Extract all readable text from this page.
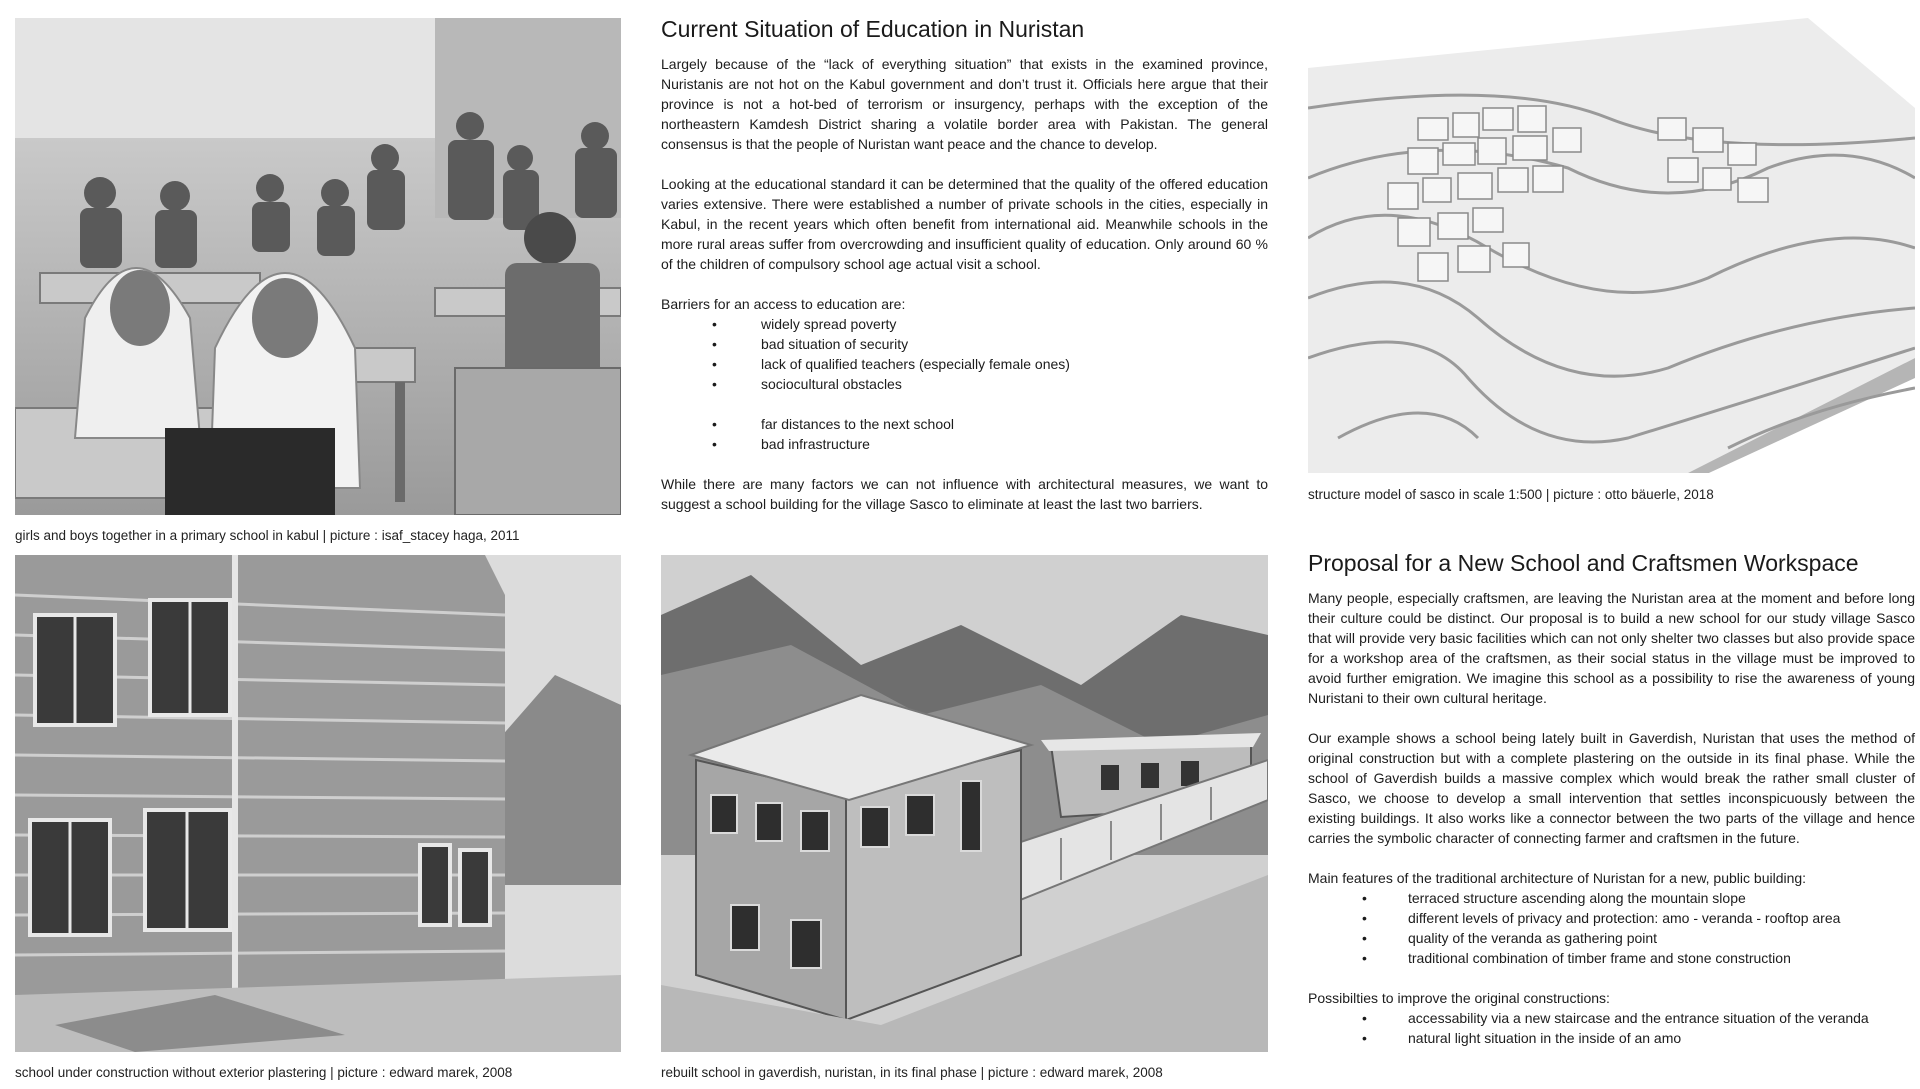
girls and boys together in a primary school in kabul | picture : isaf_stacey haga, 2011
school under construction without exterior plastering | picture : edward marek, 2008	rebuilt school in gaverdish, nuristan, in its final phase | picture : edward marek, 2008
structure model of sasco in scale 1:500 | picture : otto bäuerle, 2018
Current Situation of Education in Nuristan

Largely because of the “lack of everything situation” that exists in the examined province, Nuristanis are not hot on the Kabul government and don’t trust it. Officials here argue that their province is not a hot-bed of terrorism or insurgency, perhaps with the exception of the northeastern Kamdesh District sharing a volatile border area with Pakistan. The general consensus is that the people of Nuristan want peace and the chance to develop.

Looking at the educational standard it can be determined that the quality of the offered education varies extensive. There were established a number of private schools in the cities, especially in Kabul, in the recent years which often benefit from international aid. Meanwhile schools in the more rural areas suffer from overcrowding and insufficient quality of education. Only around 60 % of the children of compulsory school age actual visit a school.

Barriers for an access to education are:
•	widely spread poverty
•	bad situation of security
•	lack of qualified teachers (especially female ones)
•	sociocultural obstacles
•	far distances to the next school
•	bad infrastructure

While there are many factors we can not influence with architectural measures, we want to suggest a school building for the village Sasco to eliminate at least the last two barriers.

Proposal for a New School and Craftsmen Workspace

Many people, especially craftsmen, are leaving the Nuristan area at the moment and before long their culture could be distinct. Our proposal is to build a new school for our study village Sasco that will provide very basic facilities which can not only shelter two classes but also provide space for a workshop area of the craftsmen, as their social status in the village must be improved to avoid further emigration. We imagine this school as a possibility to rise the awareness of young Nuristani to their own cultural heritage.

Our example shows a school being lately built in Gaverdish, Nuristan that uses the method of original construction but with a complete plastering on the outside in its final phase. While the school of Gaverdish builds a massive complex which would break the rather small cluster of Sasco, we choose to develop a small intervention that settles inconspicuously between the existing buildings. It also works like a connector between the two parts of the village and hence carries the symbolic character of connecting farmer and craftsmen in the future.

Main features of the traditional architecture of Nuristan for a new, public building:
•	terraced structure ascending along the mountain slope
•	different levels of privacy and protection: amo - veranda - rooftop area
•	quality of the veranda as gathering point
•	traditional combination of timber frame and stone construction
Possibilties to improve the original constructions:
•	accessability via a new staircase and the entrance situation of the veranda
•	natural light situation in the inside of an amo
